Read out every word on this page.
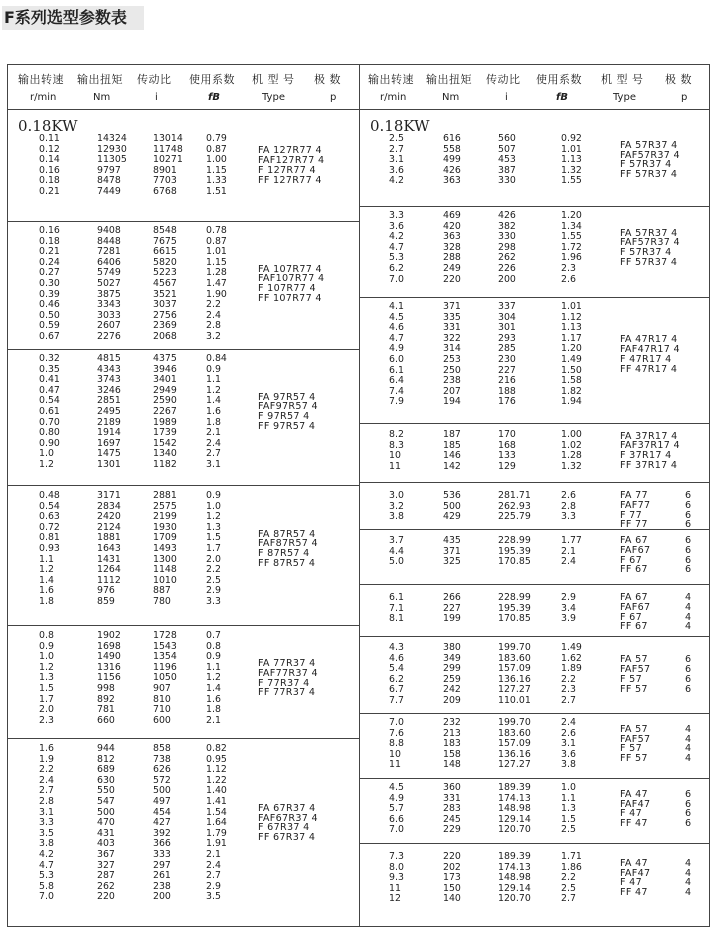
F系列选型参数表
输出转速 输出扭矩 传动比 使用系数 机 型 号 极 数
r/min	Nm	i	fB	Type	p
0.18KW
0.11	14324	13014 0.79
0.12	12930	11748 0.87
0.14	11305	10271 1.00
0.16	9797	8901	1.15
0.18	8478	7703	1.33
0.21	7449	6768	1.51
FA 127R77 4
FAF127R77 4
F 127R77 4
FF 127R77 4
0.16	9408	8548	0.78
0.18	8448	7675	0.87
0.21	7281	6615	1.01
0.24	6406	5820	1.15
0.27	5749	5223	1.28
0.30	5027	4567	1.47
0.39	3875	3521	1.90
0.46	3343	3037	2.2
0.50	3033	2756	2.4
0.59	2607	2369	2.8
0.67	2276	2068	3.2
FA 107R77 4
FAF107R77 4
F 107R77 4
FF 107R77 4
0.32	4815	4375	0.84
0.35	4343	3946	0.9
0.41	3743	3401	1.1
0.47	3246	2949	1.2
0.54	2851	2590	1.4
0.61	2495	2267	1.6
0.70	2189	1989	1.8
0.80	1914	1739	2.1
0.90	1697	1542	2.4
1.0	1475	1340	2.7
1.2	1301	1182	3.1
FA 97R57 4
FAF97R57 4
F 97R57 4
FF 97R57 4
0.48	3171	2881	0.9
0.54	2834	2575	1.0
0.63	2420	2199	1.2
0.72	2124	1930	1.3
0.81	1881	1709	1.5
0.93	1643	1493	1.7
1.1	1431	1300	2.0
1.2	1264	1148	2.2
1.4	1112	1010	2.5
1.6	976	887	2.9
1.8	859	780	3.3
FA 87R57 4
FAF87R57 4
F 87R57 4
FF 87R57 4
0.8	1902	1728	0.7
0.9	1698	1543	0.8
1.0	1490	1354	0.9
1.2	1316	1196	1.1
1.3	1156	1050	1.2
1.5	998	907	1.4
1.7	892	810	1.6
2.0	781	710	1.8
2.3	660	600	2.1
FA 77R37 4
FAF77R37 4
F 77R37 4
FF 77R37 4
1.6	944	858	0.82
1.9	812	738	0.95
2.2	689	626	1.12
2.4	630	572	1.22
2.7	550	500	1.40
2.8	547	497	1.41
3.1	500	454	1.54
3.3	470	427	1.64
3.5	431	392	1.79
3.8	403	366	1.91
4.2	367	333	2.1
4.7	327	297	2.4
5.3	287	261	2.7
5.8	262	238	2.9
7.0	220	200	3.5
FA 67R37 4
FAF67R37 4
F 67R37 4
FF 67R37 4
输出转速 输出扭矩 传动比 使用系数 机 型 号 极 数
r/min	Nm	i	fB	Type	p
0.18KW
2.5	616	560	0.92
2.7	558	507	1.01
3.1	499	453	1.13
3.6	426	387	1.32
4.2	363	330	1.55
FA 57R37 4
FAF57R37 4
F 57R37 4
FF 57R37 4
3.3	469	426	1.20
3.6	420	382	1.34
4.2	363	330	1.55
4.7	328	298	1.72
5.3	288	262	1.96
6.2	249	226	2.3
7.0	220	200	2.6
FA 57R37 4
FAF57R37 4
F 57R37 4
FF 57R37 4
4.1	371	337	1.01
4.5	335	304	1.12
4.6	331	301	1.13
4.7	322	293	1.17
4.9	314	285	1.20
6.0	253	230	1.49
6.1	250	227	1.50
6.4	238	216	1.58
7.4	207	188	1.82
7.9	194	176	1.94
FA 47R17 4
FAF47R17 4
F 47R17 4
FF 47R17 4
8.2	187	170	1.00
8.3	185	168	1.02
10	146	133	1.28
11	142	129	1.32
FA 37R17 4
FAF37R17 4
F 37R17 4
FF 37R17 4
3.0	536	281.71	2.6
3.2	500	262.93	2.8
3.8	429	225.79	3.3
FA 77	6
FAF77	6
F 77	6
FF 77	6
3.7	435	228.99	1.77
4.4	371	195.39	2.1
5.0	325	170.85	2.4
FA 67	6
FAF67	6
F 67	6
FF 67	6
6.1	266	228.99	2.9
7.1	227	195.39	3.4
8.1	199	170.85	3.9
FA 67	4
FAF67	4
F 67	4
FF 67	4
4.3	380	199.70	1.49
4.6	349	183.60	1.62
5.4	299	157.09	1.89
6.2	259	136.16	2.2
6.7	242	127.27	2.3
7.7	209	110.01	2.7
FA 57	6
FAF57	6
F 57	6
FF 57	6
7.0	232	199.70	2.4
7.6	213	183.60	2.6
8.8	183	157.09	3.1
10	158	136.16	3.6
11	148	127.27	3.8
FA 57	4
FAF57	4
F 57	4
FF 57	4
4.5	360	189.39	1.0
4.9	331	174.13	1.1
5.7	283	148.98	1.3
6.6	245	129.14	1.5
7.0	229	120.70	2.5
FA 47	6
FAF47	6
F 47	6
FF 47	6
7.3	220	189.39	1.71
8.0	202	174.13	1.86
9.3	173	148.98	2.2
11	150	129.14	2.5
12	140	120.70	2.7
FA 47	4
FAF47	4
F 47	4
FF 47	4
